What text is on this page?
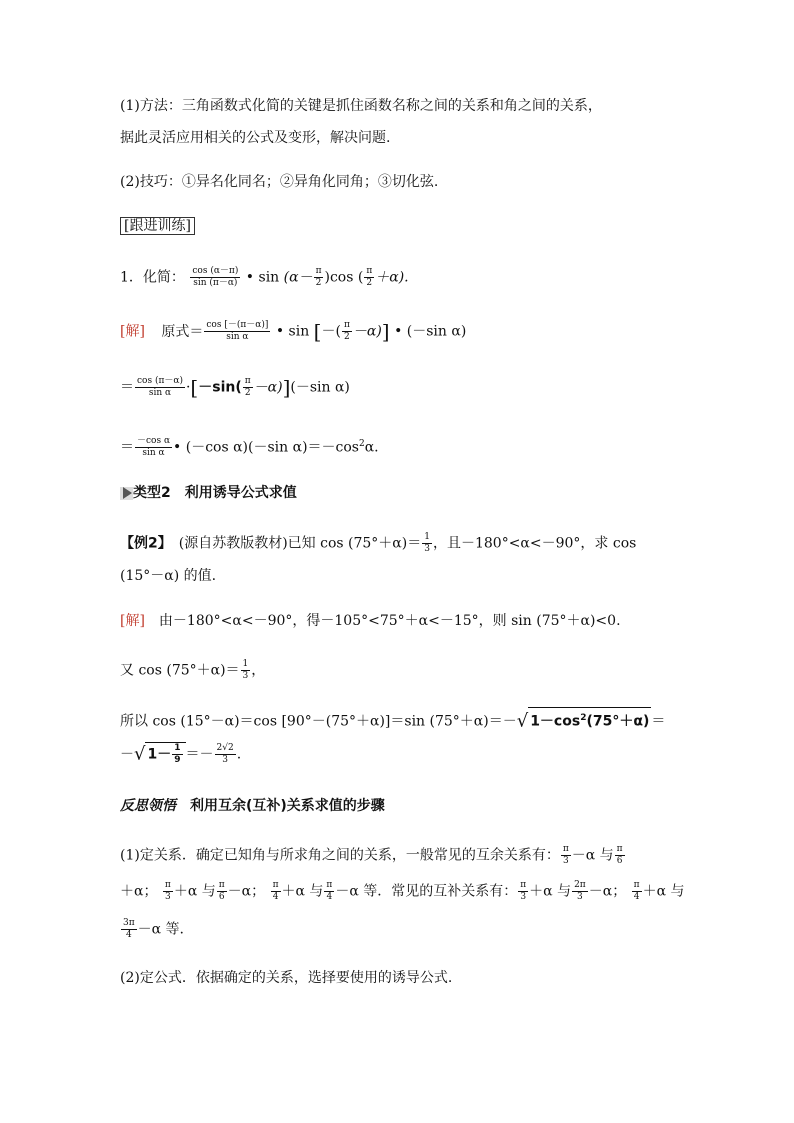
(1)方法：三角函数式化简的关键是抓住函数名称之间的关系和角之间的关系，
据此灵活应用相关的公式及变形，解决问题.
(2)技巧：①异名化同名；②异角化同角；③切化弦.
[跟进训练]
1．化简： $\frac{\cos (\alpha-\pi)}{\sin (\pi-\alpha)}$ • $\sin (\alpha- \frac{\pi}{2} )\cos$ ( $\frac{\pi}{2} +\alpha$).
[解] 原式＝ $\frac{\cos [-(\pi-\alpha)]}{\text{sin α}}$ • sin [－( $\frac{\pi}{2} -\alpha$)] • (－sin α)
＝ $\frac{\cos (\pi-\alpha)}{\text{sin α}} \cdot[-\sin( \frac{\pi}{2} -\alpha)](-\sin$ α)
＝ $\frac{\text{－cos α}}{\text{sin α}}$ • (－cos α)(－sin $\alpha)=-\cos^2\alpha$.
类型2　利用诱导公式求值
【例2】　(源自苏教版教材)已知 $\cos (75^\circ+\alpha)= \frac{1}{3}$ ，且－180°<α<－90°，求 cos
(15°－α) 的值.
[解]　由－180°<α<－90°，得－105°<75°＋α<－15°，则 sin (75°＋α)<0.
又 $\cos (75^\circ+\alpha)= \frac{1}{3}$ ，
所以 cos (15°－α)＝cos [90°－(75°＋α)]＝sin (75°＋α)＝－√ $1-\cos^2(75^\circ+\alpha)$ ＝
－√ $1- \frac{1}{9} =- \frac{2√2}{3}$ .
反思领悟　利用互余(互补)关系求值的步骤
(1)定关系．确定已知角与所求角之间的关系，一般常见的互余关系有： $\frac{\pi}{3} -\alpha$ 与 $\frac{\pi}{6}$
＋α； $\frac{\pi}{3} +\alpha$ 与 $\frac{\pi}{6} -\alpha$； $\frac{\pi}{4} +\alpha$ 与 $\frac{\pi}{4} -\alpha$ 等．常见的互补关系有： $\frac{\pi}{3} +\alpha$ 与 $\frac{2\pi}{3} -\alpha$； $\frac{\pi}{4} +\alpha$ 与
$\frac{3\pi}{4} -\alpha$ 等.
(2)定公式．依据确定的关系，选择要使用的诱导公式.
